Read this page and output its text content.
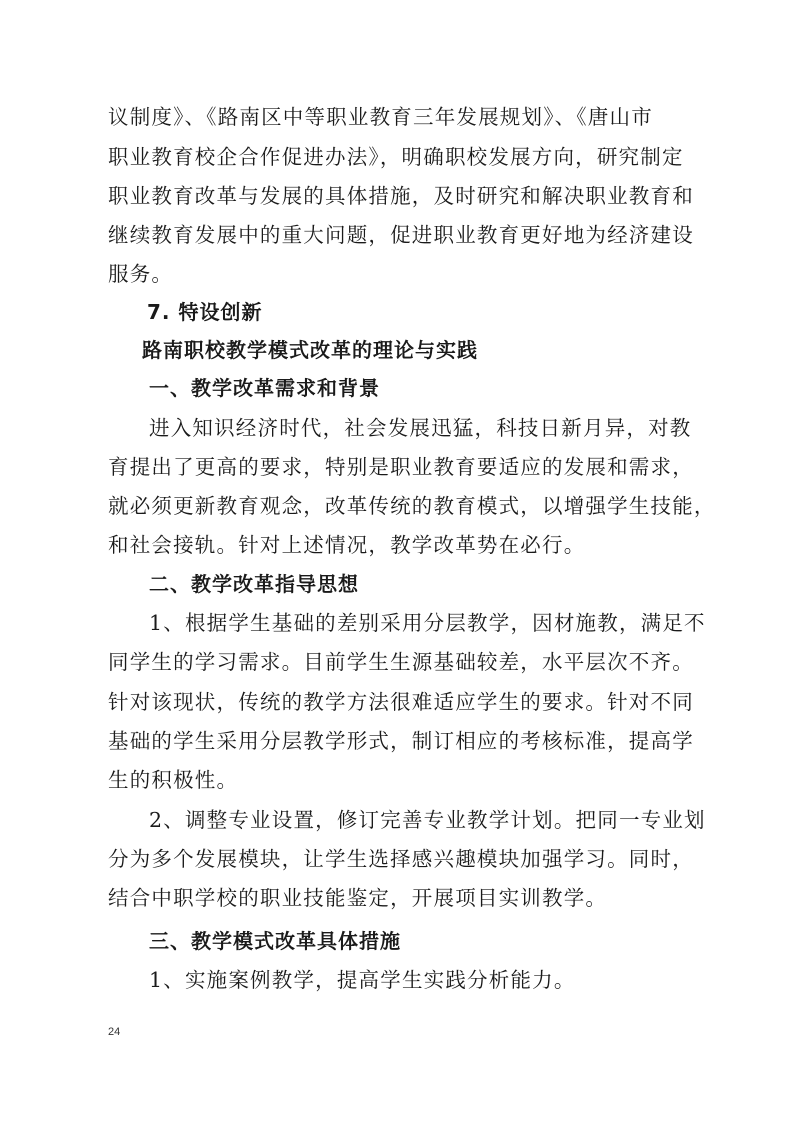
议制度》、《路南区中等职业教育三年发展规划》、《唐山市
职业教育校企合作促进办法》，明确职校发展方向，研究制定
职业教育改革与发展的具体措施，及时研究和解决职业教育和
继续教育发展中的重大问题，促进职业教育更好地为经济建设
服务。
7. 特设创新
路南职校教学模式改革的理论与实践
一、教学改革需求和背景
进入知识经济时代，社会发展迅猛，科技日新月异，对教
育提出了更高的要求，特别是职业教育要适应的发展和需求，
就必须更新教育观念，改革传统的教育模式，以增强学生技能，
和社会接轨。针对上述情况，教学改革势在必行。
二、教学改革指导思想
1、根据学生基础的差别采用分层教学，因材施教，满足不
同学生的学习需求。目前学生生源基础较差，水平层次不齐。
针对该现状，传统的教学方法很难适应学生的要求。针对不同
基础的学生采用分层教学形式，制订相应的考核标准，提高学
生的积极性。
2、调整专业设置，修订完善专业教学计划。把同一专业划
分为多个发展模块，让学生选择感兴趣模块加强学习。同时，
结合中职学校的职业技能鉴定，开展项目实训教学。
三、教学模式改革具体措施
1、实施案例教学，提高学生实践分析能力。
24
